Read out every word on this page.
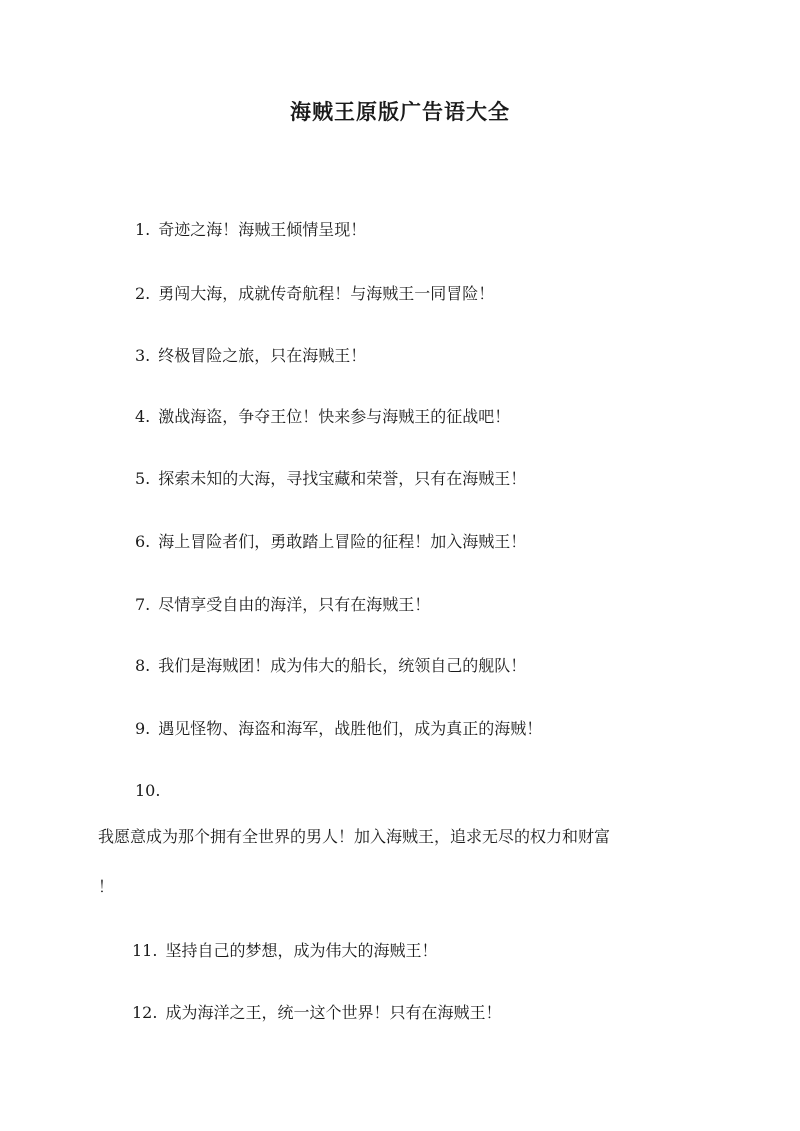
海贼王原版广告语大全
1. 奇迹之海！海贼王倾情呈现！
2. 勇闯大海，成就传奇航程！与海贼王一同冒险！
3. 终极冒险之旅，只在海贼王！
4. 激战海盗，争夺王位！快来参与海贼王的征战吧！
5. 探索未知的大海，寻找宝藏和荣誉，只有在海贼王！
6. 海上冒险者们，勇敢踏上冒险的征程！加入海贼王！
7. 尽情享受自由的海洋，只有在海贼王！
8. 我们是海贼团！成为伟大的船长，统领自己的舰队！
9. 遇见怪物、海盗和海军，战胜他们，成为真正的海贼！
10.
我愿意成为那个拥有全世界的男人！加入海贼王，追求无尽的权力和财富
！
11. 坚持自己的梦想，成为伟大的海贼王！
12. 成为海洋之王，统一这个世界！只有在海贼王！
